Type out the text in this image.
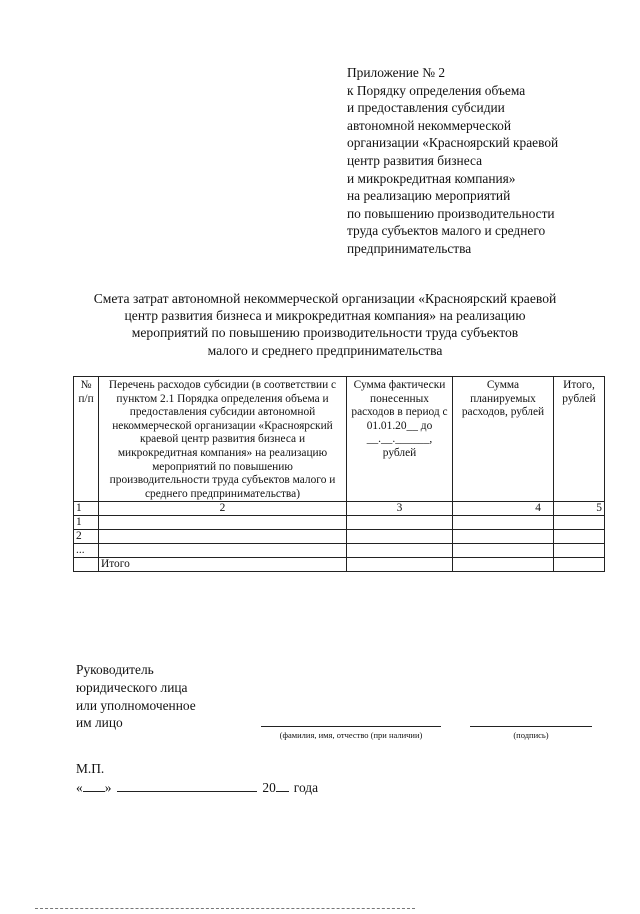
Приложение № 2
к Порядку определения объема
и предоставления субсидии
автономной некоммерческой
организации «Красноярский краевой
центр развития бизнеса
и микрокредитная компания»
на реализацию мероприятий
по повышению производительности
труда субъектов малого и среднего
предпринимательства
Смета затрат автономной некоммерческой организации «Красноярский краевой
центр развития бизнеса и микрокредитная компания» на реализацию
мероприятий по повышению производительности труда субъектов
малого и среднего предпринимательства
№ п/п	Перечень расходов субсидии (в соответствии с пунктом 2.1 Порядка определения объема и предоставления субсидии автономной некоммерческой организации «Красноярский краевой центр развития бизнеса и микрокредитная компания» на реализацию мероприятий по повышению производительности труда субъектов малого и среднего предпринимательства)	Сумма фактически понесенных расходов в период с 01.01.20__ до __.__.______, рублей	Сумма планируемых расходов, рублей	Итого, рублей
1	2	3	4	5
1				
2				
...				
	Итого			
Руководитель
юридического лица
или уполномоченное
им лицо
(фамилия, имя, отчество (при наличии)	(подпись)
М.П.
« »	20 года
